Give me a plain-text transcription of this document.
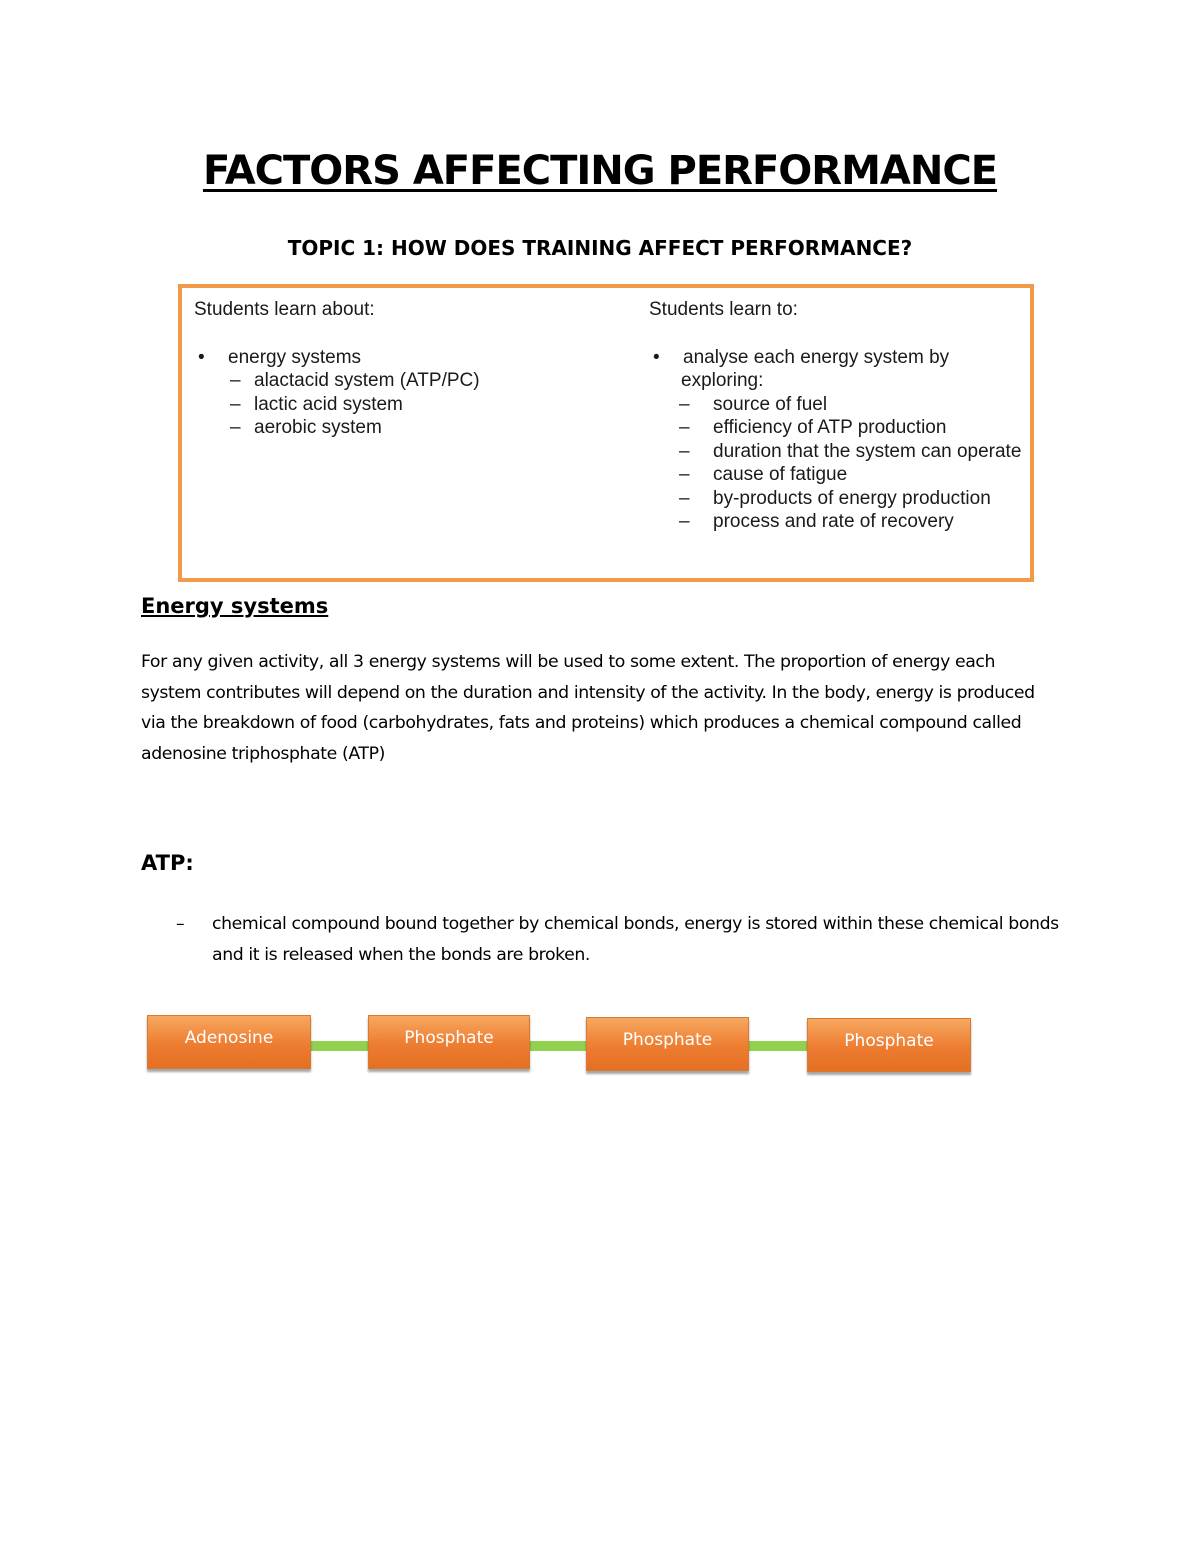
FACTORS AFFECTING PERFORMANCE
TOPIC 1: HOW DOES TRAINING AFFECT PERFORMANCE?

Students learn about:

• energy systems
– alactacid system (ATP/PC)
– lactic acid system
– aerobic system

Students learn to:

• analyse each energy system by
exploring:
– source of fuel
– efficiency of ATP production
– duration that the system can operate
– cause of fatigue
– by-products of energy production
– process and rate of recovery
Energy systems

For any given activity, all 3 energy systems will be used to some extent. The proportion of energy each system contributes will depend on the duration and intensity of the activity. In the body, energy is produced via the breakdown of food (carbohydrates, fats and proteins) which produces a chemical compound called adenosine triphosphate (ATP)

ATP:
– chemical compound bound together by chemical bonds, energy is stored within these chemical bonds and it is released when the bonds are broken.
Adenosine	Phosphate	Phosphate	Phosphate
